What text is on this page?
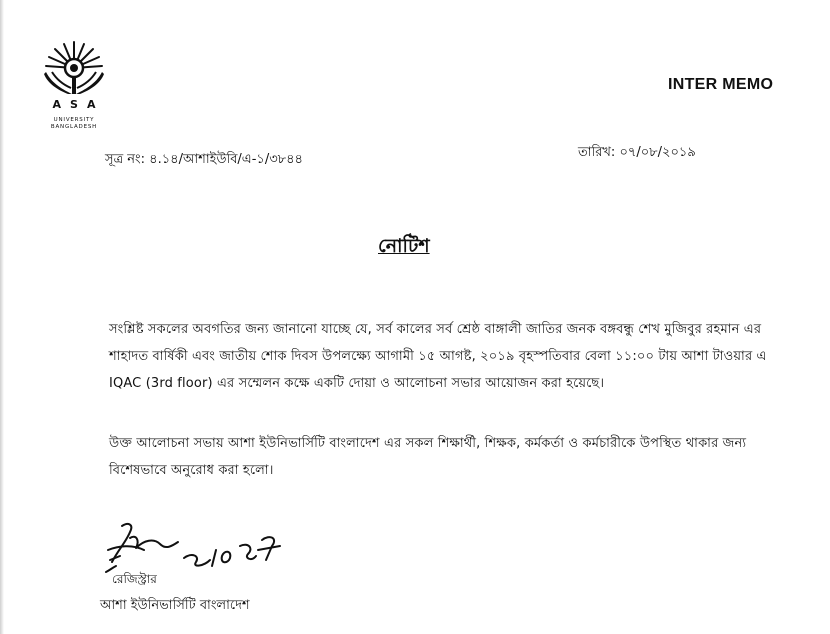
ASA
UNIVERSITY
BANGLADESH
INTER MEMO
সূত্র নং: ৪.১৪/আশাইউবি/এ-১/৩৮৪৪	তারিখ: ০৭/০৮/২০১৯
নোটিশ
সংশ্লিষ্ট সকলের অবগতির জন্য জানানো যাচ্ছে যে, সর্ব কালের সর্ব শ্রেষ্ঠ বাঙ্গালী জাতির জনক বঙ্গবন্ধু শেখ মুজিবুর রহমান এর শাহাদত বার্ষিকী এবং জাতীয় শোক দিবস উপলক্ষ্যে আগামী ১৫ আগষ্ট, ২০১৯ বৃহস্পতিবার বেলা ১১:০০ টায় আশা টাওয়ার এ IQAC (3rd floor) এর সম্মেলন কক্ষে একটি দোয়া ও আলোচনা সভার আয়োজন করা হয়েছে।
উক্ত আলোচনা সভায় আশা ইউনিভার্সিটি বাংলাদেশ এর সকল শিক্ষার্থী, শিক্ষক, কর্মকর্তা ও কর্মচারীকে উপস্থিত থাকার জন্য বিশেষভাবে অনুরোধ করা হলো।
রেজিস্ট্রার
আশা ইউনিভার্সিটি বাংলাদেশ
